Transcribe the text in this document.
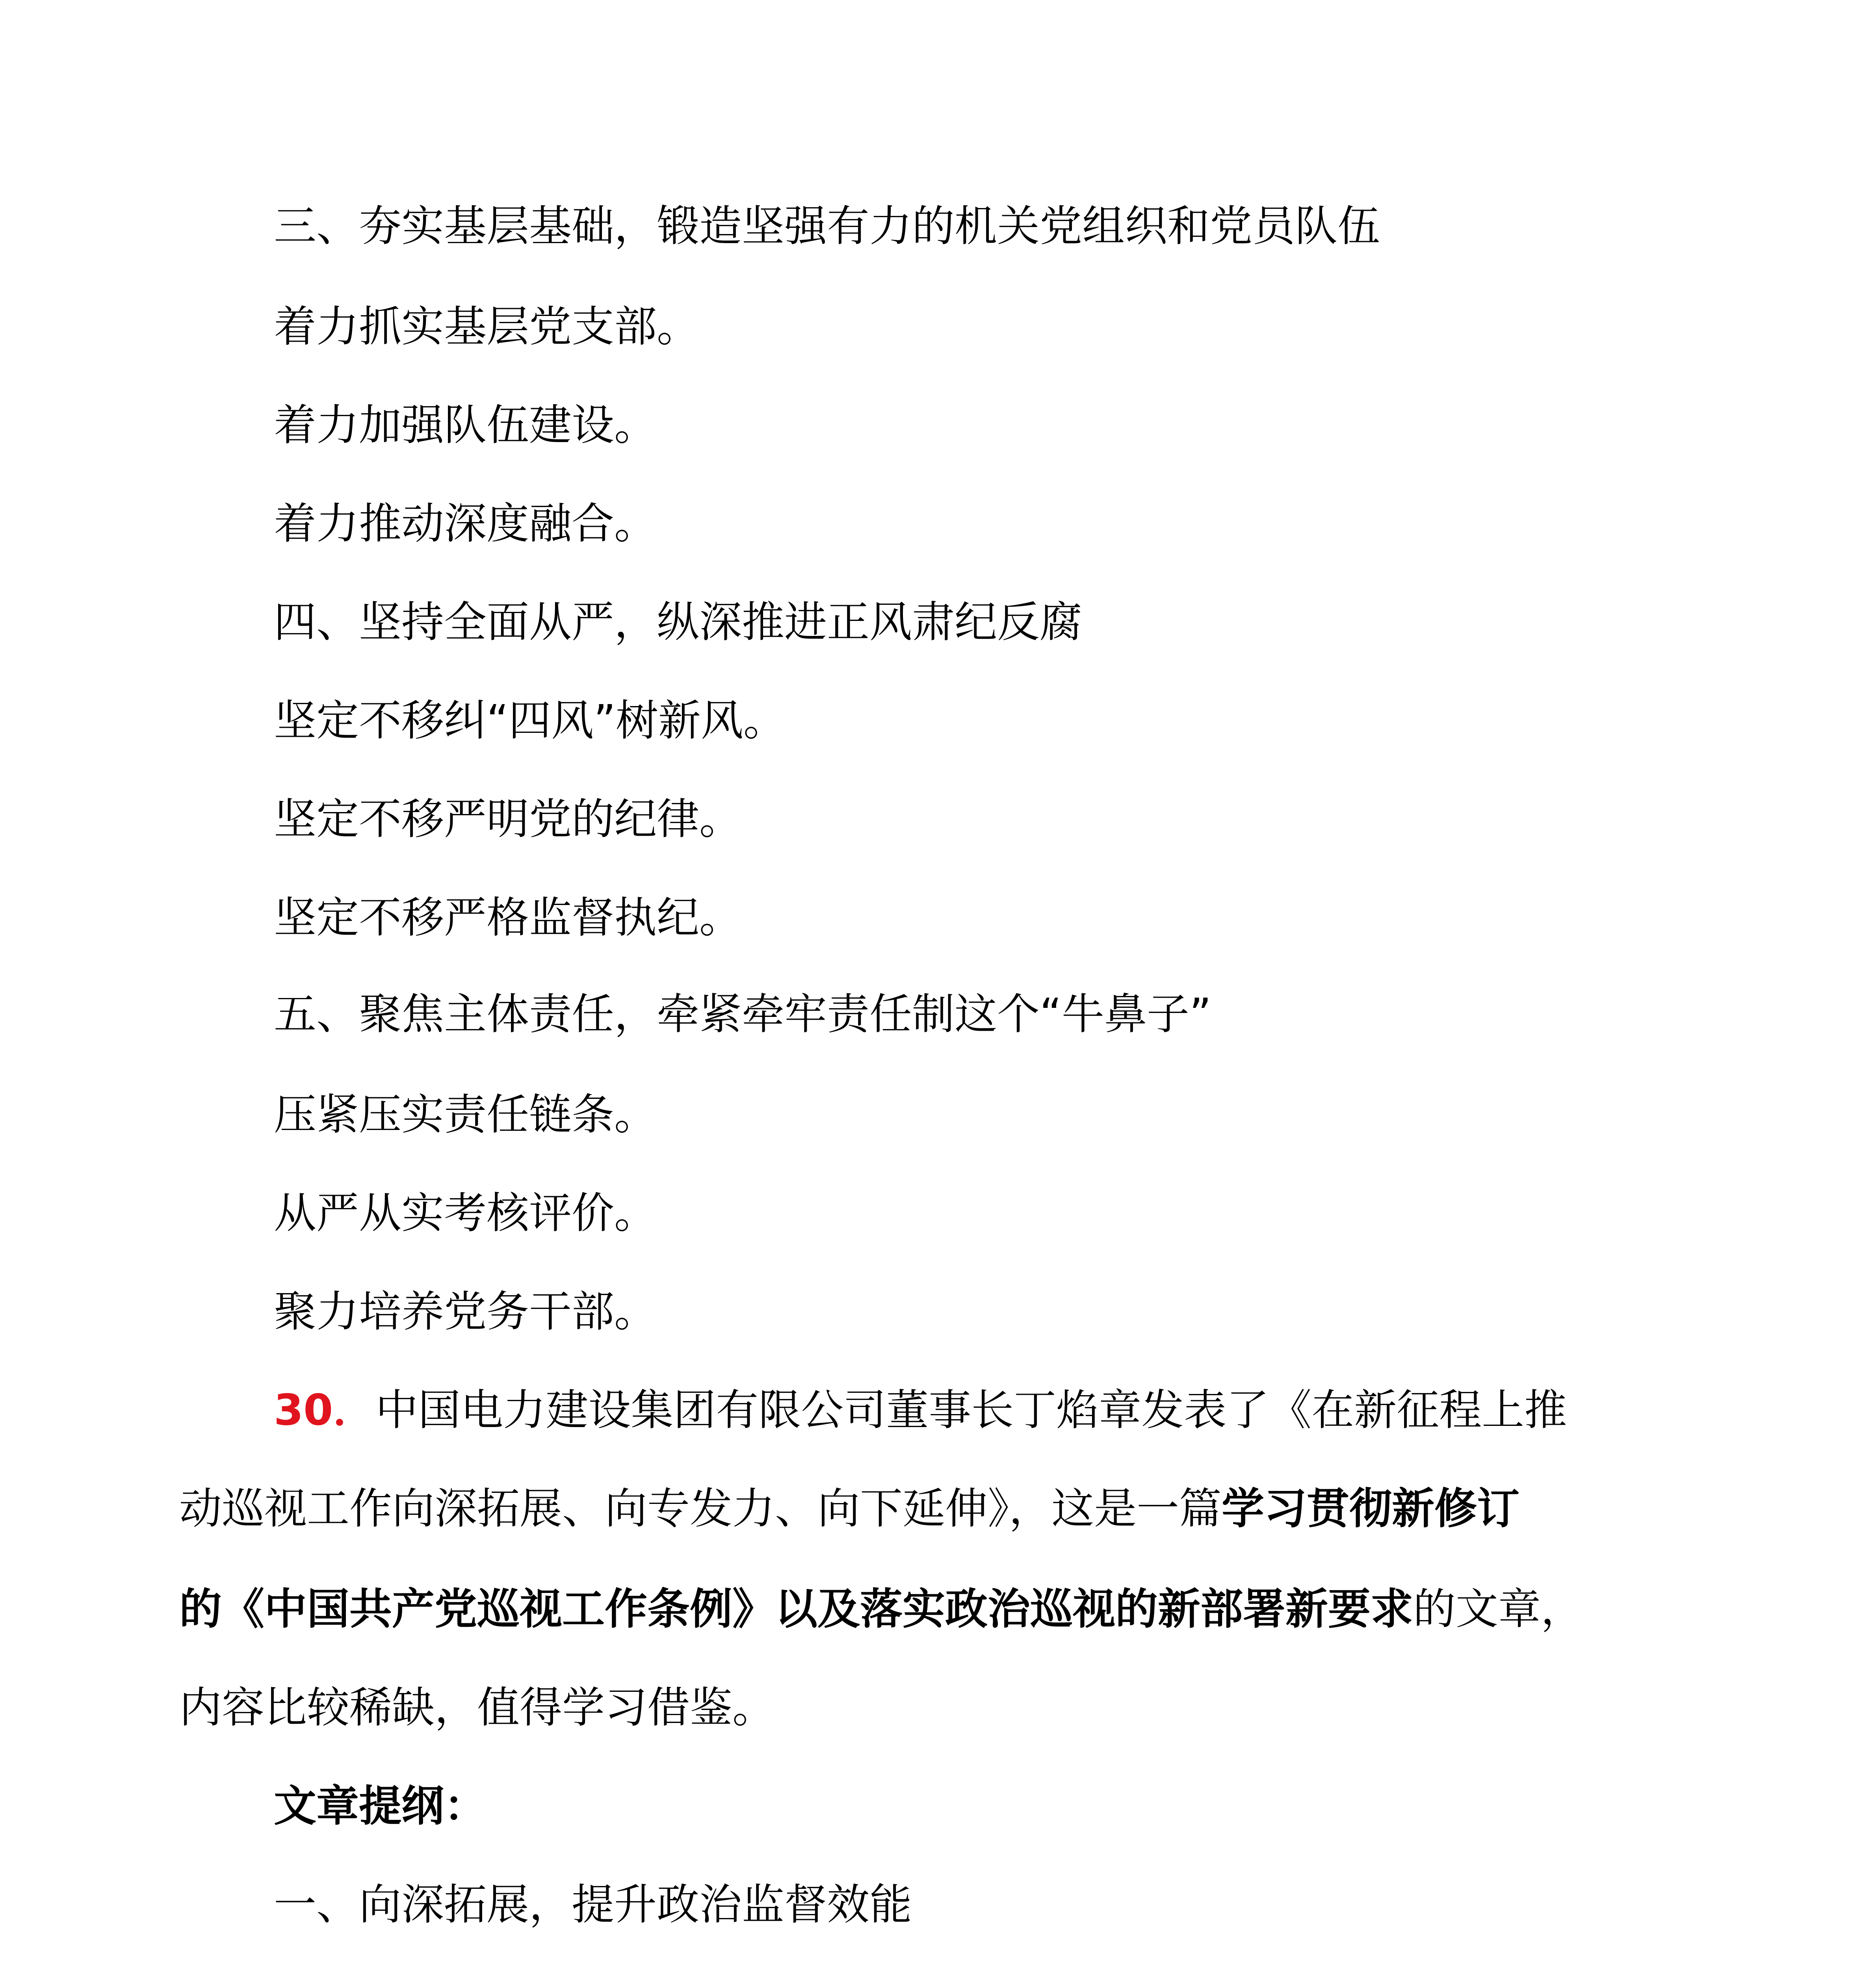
三、夯实基层基础，锻造坚强有力的机关党组织和党员队伍

着力抓实基层党支部。

着力加强队伍建设。

着力推动深度融合。

四、坚持全面从严，纵深推进正风肃纪反腐

坚定不移纠“四风”树新风。

坚定不移严明党的纪律。

坚定不移严格监督执纪。

五、聚焦主体责任，牵紧牵牢责任制这个“牛鼻子”

压紧压实责任链条。

从严从实考核评价。

聚力培养党务干部。

30．中国电力建设集团有限公司董事长丁焰章发表了《在新征程上推

动巡视工作向深拓展、向专发力、向下延伸》，这是一篇学习贯彻新修订

的《中国共产党巡视工作条例》以及落实政治巡视的新部署新要求的文章，

内容比较稀缺，值得学习借鉴。

文章提纲：

一、向深拓展，提升政治监督效能
